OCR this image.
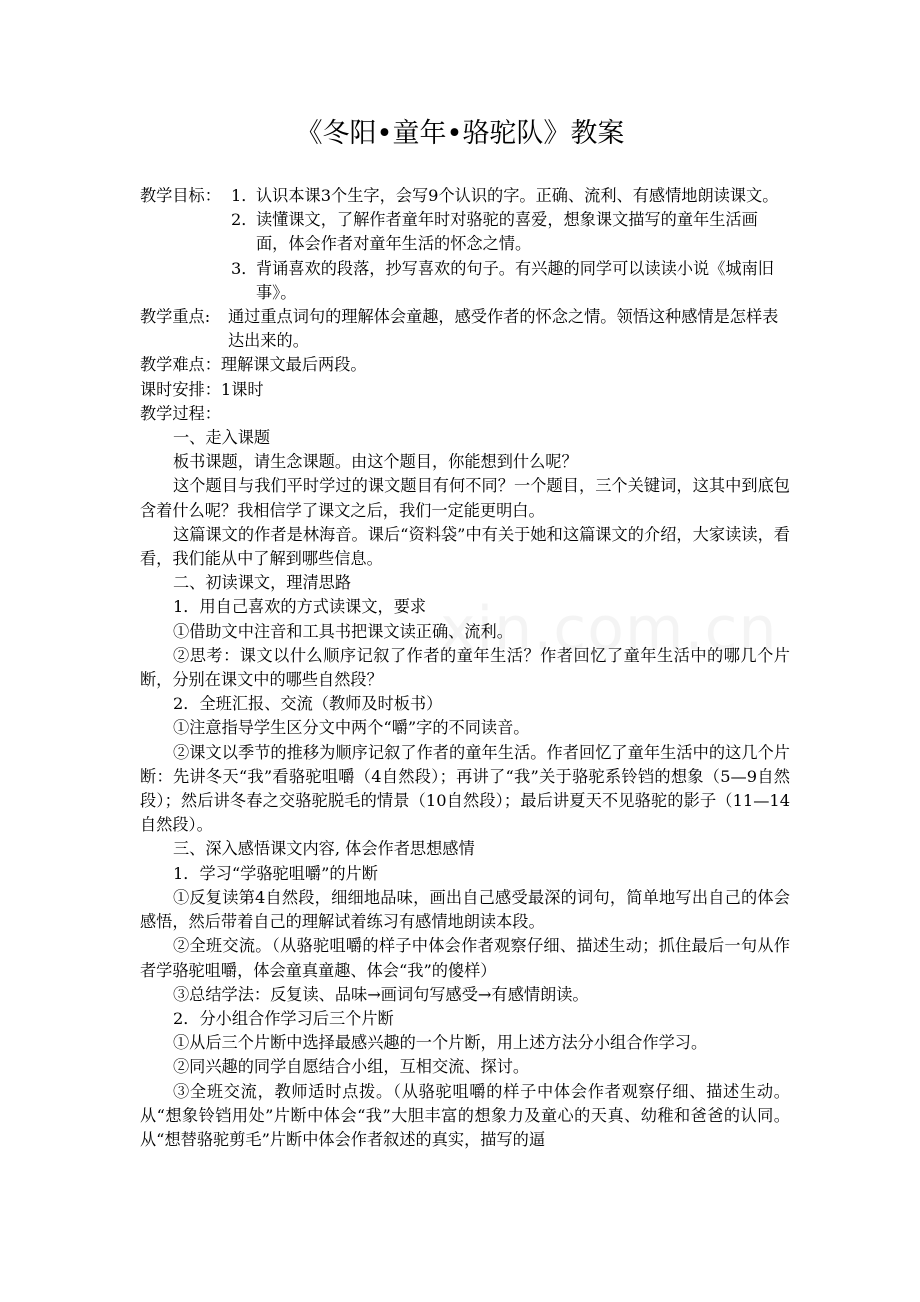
《冬阳•童年•骆驼队》教案
教学目标： 1．
认识本课3个生字，会写9个认识的字。正确、流利、有感情地朗读课文。
2．
读懂课文，了解作者童年时对骆驼的喜爱，想象课文描写的童年生活画面，体会作者对童年生活的怀念之情。
3．
背诵喜欢的段落，抄写喜欢的句子。有兴趣的同学可以读读小说《城南旧事》。
教学重点:	通过重点词句的理解体会童趣，感受作者的怀念之情。领悟这种感情是怎样表达出来的。

教学难点：理解课文最后两段。

课时安排：1课时

教学过程：

一、走入课题

板书课题，请生念课题。由这个题目，你能想到什么呢？

这个题目与我们平时学过的课文题目有何不同？一个题目，三个关键词，这其中到底包含着什么呢？我相信学了课文之后，我们一定能更明白。

这篇课文的作者是林海音。课后“资料袋”中有关于她和这篇课文的介绍，大家读读，看看，我们能从中了解到哪些信息。

二、初读课文，理清思路

1．用自己喜欢的方式读课文，要求

①借助文中注音和工具书把课文读正确、流利。

②思考：课文以什么顺序记叙了作者的童年生活？作者回忆了童年生活中的哪几个片断，分别在课文中的哪些自然段？

2．全班汇报、交流（教师及时板书）

①注意指导学生区分文中两个“嚼”字的不同读音。

②课文以季节的推移为顺序记叙了作者的童年生活。作者回忆了童年生活中的这几个片断：先讲冬天“我”看骆驼咀嚼（4自然段）；再讲了“我”关于骆驼系铃铛的想象（5—9自然段）；然后讲冬春之交骆驼脱毛的情景（10自然段）；最后讲夏天不见骆驼的影子（11—14自然段）。

三、深入感悟课文内容, 体会作者思想感情

1．学习“学骆驼咀嚼”的片断

①反复读第4自然段，细细地品味，画出自己感受最深的词句，简单地写出自己的体会感悟，然后带着自己的理解试着练习有感情地朗读本段。

②全班交流。（从骆驼咀嚼的样子中体会作者观察仔细、描述生动；抓住最后一句从作者学骆驼咀嚼，体会童真童趣、体会“我”的傻样）

③总结学法：反复读、品味→画词句写感受→有感情朗读。

2．分小组合作学习后三个片断

①从后三个片断中选择最感兴趣的一个片断，用上述方法分小组合作学习。

②同兴趣的同学自愿结合小组，互相交流、探讨。

③全班交流，教师适时点拨。（从骆驼咀嚼的样子中体会作者观察仔细、描述生动。从“想象铃铛用处”片断中体会“我”大胆丰富的想象力及童心的天真、幼稚和爸爸的认同。从“想替骆驼剪毛”片断中体会作者叙述的真实，描写的逼
